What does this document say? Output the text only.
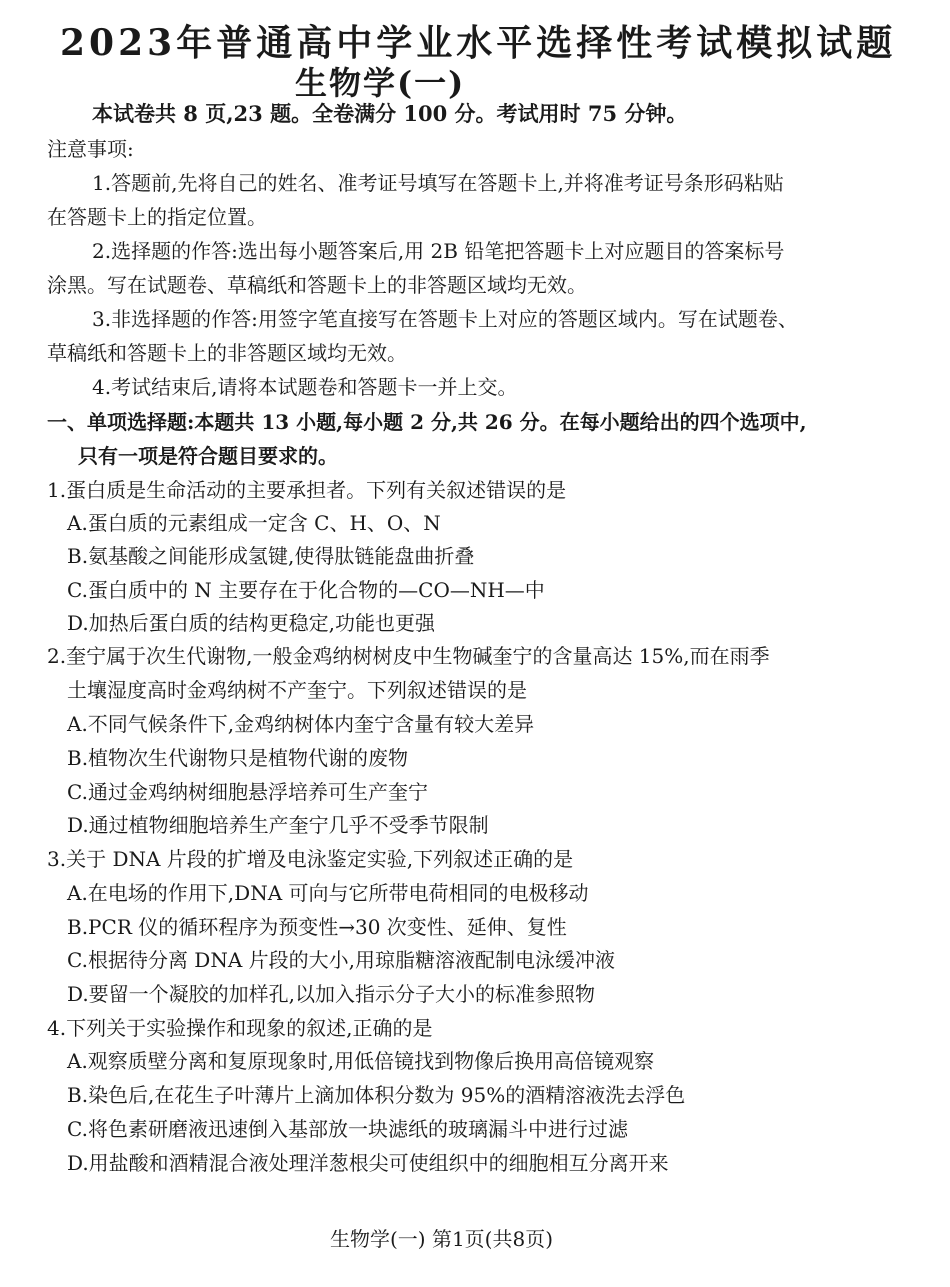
2023年普通高中学业水平选择性考试模拟试题
生物学(一)
本试卷共 8 页,23 题。全卷满分 100 分。考试用时 75 分钟。
注意事项:
1.答题前,先将自己的姓名、准考证号填写在答题卡上,并将准考证号条形码粘贴
在答题卡上的指定位置。
2.选择题的作答:选出每小题答案后,用 2B 铅笔把答题卡上对应题目的答案标号
涂黑。写在试题卷、草稿纸和答题卡上的非答题区域均无效。
3.非选择题的作答:用签字笔直接写在答题卡上对应的答题区域内。写在试题卷、
草稿纸和答题卡上的非答题区域均无效。
4.考试结束后,请将本试题卷和答题卡一并上交。
一、单项选择题:本题共 13 小题,每小题 2 分,共 26 分。在每小题给出的四个选项中,
只有一项是符合题目要求的。
1.蛋白质是生命活动的主要承担者。下列有关叙述错误的是
A.蛋白质的元素组成一定含 C、H、O、N
B.氨基酸之间能形成氢键,使得肽链能盘曲折叠
C.蛋白质中的 N 主要存在于化合物的—CO—NH—中
D.加热后蛋白质的结构更稳定,功能也更强
2.奎宁属于次生代谢物,一般金鸡纳树树皮中生物碱奎宁的含量高达 15%,而在雨季
土壤湿度高时金鸡纳树不产奎宁。下列叙述错误的是
A.不同气候条件下,金鸡纳树体内奎宁含量有较大差异
B.植物次生代谢物只是植物代谢的废物
C.通过金鸡纳树细胞悬浮培养可生产奎宁
D.通过植物细胞培养生产奎宁几乎不受季节限制
3.关于 DNA 片段的扩增及电泳鉴定实验,下列叙述正确的是
A.在电场的作用下,DNA 可向与它所带电荷相同的电极移动
B.PCR 仪的循环程序为预变性→30 次变性、延伸、复性
C.根据待分离 DNA 片段的大小,用琼脂糖溶液配制电泳缓冲液
D.要留一个凝胶的加样孔,以加入指示分子大小的标准参照物
4.下列关于实验操作和现象的叙述,正确的是
A.观察质壁分离和复原现象时,用低倍镜找到物像后换用高倍镜观察
B.染色后,在花生子叶薄片上滴加体积分数为 95%的酒精溶液洗去浮色
C.将色素研磨液迅速倒入基部放一块滤纸的玻璃漏斗中进行过滤
D.用盐酸和酒精混合液处理洋葱根尖可使组织中的细胞相互分离开来
生物学(一) 第1页(共8页)
